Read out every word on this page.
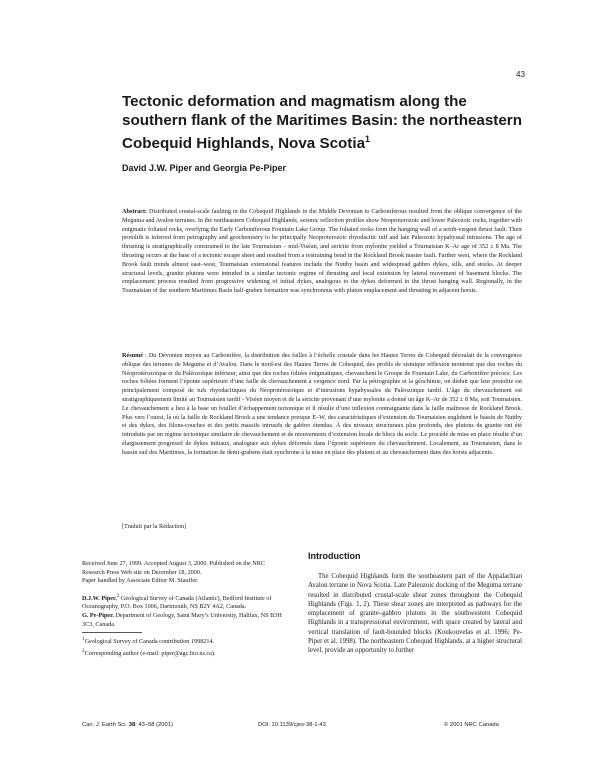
43
Tectonic deformation and magmatism along the southern flank of the Maritimes Basin: the northeastern Cobequid Highlands, Nova Scotia$^1$
David J.W. Piper and Georgia Pe-Piper
Abstract: Distributed crustal-scale faulting in the Cobequid Highlands in the Middle Devonian to Carboniferous resulted from the oblique convergence of the Meguma and Avalon terranes. In the northeastern Cobequid Highlands, seismic reflection profiles show Neoproterozoic and lower Paleozoic rocks, together with enigmatic foliated rocks, overlying the Early Carboniferous Fountain Lake Group. The foliated rocks form the hanging wall of a north-vergent thrust fault. Their protolith is inferred from petrography and geochemistry to be principally Neoproterozoic rhyodacitic tuff and late Paleozoic hypabyssal intrusions. The age of thrusting is stratigraphically constrained to the late Tournaisian – mid-Viséan, and sericite from mylonite yielded a Tournaisian K–Ar age of 352 ± 8 Ma. The thrusting occurs at the base of a tectonic escape sheet and resulted from a restraining bend in the Rockland Brook master fault. Farther west, where the Rockland Brook fault trends almost east–west, Tournaisian extensional features include the Nuttby basin and widespread gabbro dykes, sills, and stocks. At deeper structural levels, granite plutons were intruded in a similar tectonic regime of thrusting and local extension by lateral movement of basement blocks. The emplacement process resulted from progressive widening of initial dykes, analogous to the dykes deformed in the thrust hanging wall. Regionally, in the Tournaisian of the southern Maritimes Basin half-graben formation was synchronous with pluton emplacement and thrusting in adjacent horsts.
Résumé : Du Dévonien moyen au Carbonifère, la distribution des failles à l’échelle crustale dans les Hautes Terres de Cobequid découlait de la convergence oblique des terranes de Meguma et d’Avalon. Dans le nord-est des Hautes Terres de Cobequid, des profils de sismique réflexion montrent que des roches du Néoprotérozoïque et du Paléozoïque inférieur, ainsi que des roches foliées énigmatiques, chevauchent le Groupe de Fountain Lake, du Carbonifère précoce. Les roches foliées forment l’éponte supérieure d’une faille de chevauchement à vergence nord. Par la pétrographie et la géochimie, on déduit que leur protolite est principalement composé de tufs rhyodacitiques du Néoprotérozoïque et d’intrusions hypabyssales du Paléozoïque tardif. L’âge du chevauchement est stratigraphiquement limité au Tournaisien tardif - Viséen moyen et de la séricite provenant d’une mylonite a donné un âge K–Ar de 352 ± 8 Ma, soit Tournaisien. Le chevauchement a lieu à la base un feuillet d’échappement tectonique et il résulte d’une inflexion contraignante dans la faille maîtresse de Rockland Brook. Plus vers l’ouest, là où la faille de Rockland Brook a une tendance presque E–W, des caractéristiques d’extension du Tournaisien englobent le bassin de Nuttby et des dykes, des filons-couches et des petits massifs intrusifs de gabbro étendus. À des niveaux structuraux plus profonds, des plutons de granite ont été introduits par un régime tectonique similaire de chevauchement et de mouvements d’extension locale de blocs du socle. Le procédé de mise en place résulte d’un élargissement progressif de dykes initiaux, analogues aux dykes déformés dans l’éponte supérieure du chevauchement. Localement, au Tournaisien, dans le bassin sud des Maritimes, la formation de demi-grabens était synchrone à la mise en place des plutons et au chevauchement dans des horsts adjacents.
[Traduit par la Rédaction]

Received June 27, 1999. Accepted August 3, 2000. Published on the NRC Research Press Web site on December 18, 2000.

Paper handled by Associate Editor M. Stauffer.

D.J.W. Piper.$^2$ Geological Survey of Canada (Atlantic), Bedford Institute of Oceanography, P.O. Box 1006, Dartmouth, NS B2Y 4A2, Canada.

G. Pe-Piper. Department of Geology, Saint Mary’s University, Halifax, NS B3H 3C3, Canada.

$^1$Geological Survey of Canada contribution 1998214.

$^2$Corresponding author (e-mail: piper@agc.bio.ns.ca).

Introduction
The Cobequid Highlands form the southeastern part of the Appalachian Avalon terrane in Nova Scotia. Late Paleozoic docking of the Meguma terrane resulted in distributed crustal-scale shear zones throughout the Cobequid Highlands (Figs. 1, 2). These shear zones are interpreted as pathways for the emplacement of granite–gabbro plutons in the southwestern Cobequid Highlands in a transpressional environment, with space created by lateral and vertical translation of fault-bounded blocks (Koukouvelas et al. 1996; Pe-Piper et al. 1998). The northeastern Cobequid Highlands, at a higher structural level, provide an opportunity to further
Can. J. Earth Sci. 38: 43–58 (2001)	DOI: 10.1139/cjes-38-1-43	© 2001 NRC Canada
